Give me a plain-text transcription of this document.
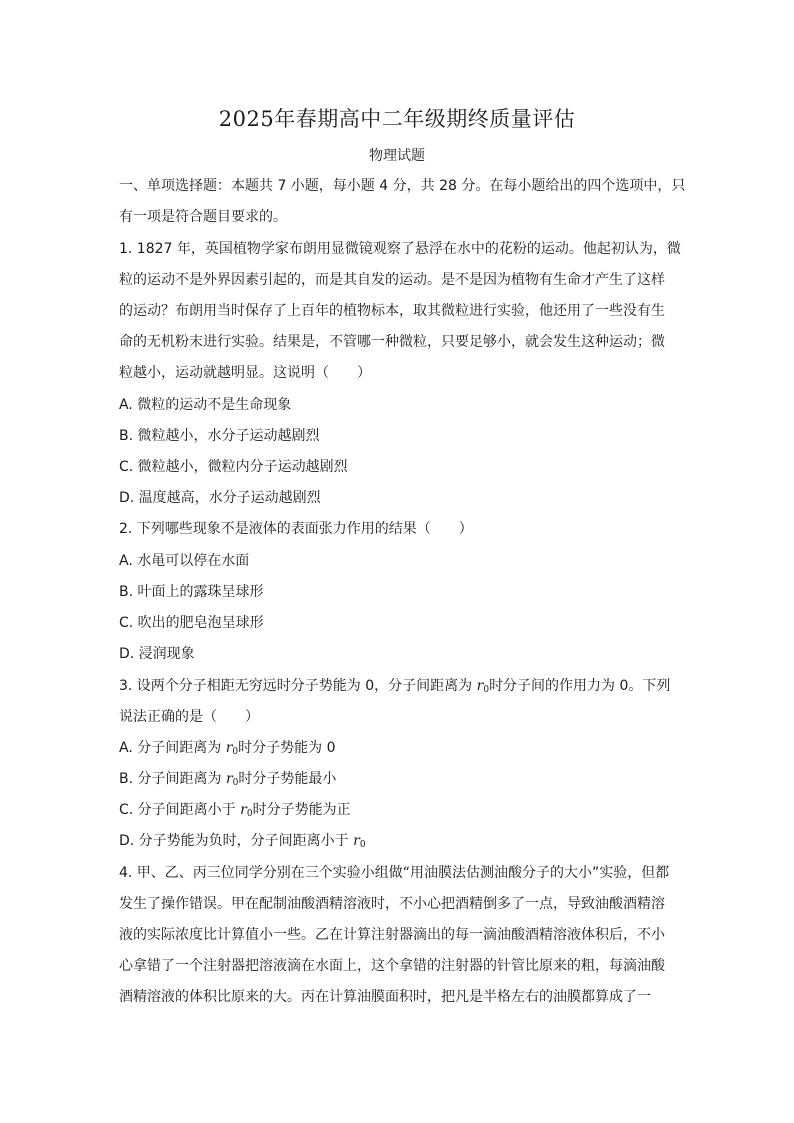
2025年春期高中二年级期终质量评估
物理试题
一、单项选择题：本题共 7 小题，每小题 4 分，共 28 分。在每小题给出的四个选项中，只
有一项是符合题目要求的。
1. 1827 年，英国植物学家布朗用显微镜观察了悬浮在水中的花粉的运动。他起初认为，微
粒的运动不是外界因素引起的，而是其自发的运动。是不是因为植物有生命才产生了这样
的运动？布朗用当时保存了上百年的植物标本，取其微粒进行实验，他还用了一些没有生
命的无机粉末进行实验。结果是，不管哪一种微粒，只要足够小，就会发生这种运动；微
粒越小，运动就越明显。这说明（　　）
A. 微粒的运动不是生命现象
B. 微粒越小，水分子运动越剧烈
C. 微粒越小，微粒内分子运动越剧烈
D. 温度越高，水分子运动越剧烈
2. 下列哪些现象不是液体的表面张力作用的结果（　　）
A. 水黾可以停在水面
B. 叶面上的露珠呈球形
C. 吹出的肥皂泡呈球形
D. 浸润现象
3. 设两个分子相距无穷远时分子势能为 0，分子间距离为 $r_0$时分子间的作用力为 0。下列
说法正确的是（　　）
A. 分子间距离为 $r_0$时分子势能为 0
B. 分子间距离为 $r_0$时分子势能最小
C. 分子间距离小于 $r_0$时分子势能为正
D. 分子势能为负时，分子间距离小于 $r_0$
4. 甲、乙、丙三位同学分别在三个实验小组做“用油膜法估测油酸分子的大小”实验，但都
发生了操作错误。甲在配制油酸酒精溶液时，不小心把酒精倒多了一点，导致油酸酒精溶
液的实际浓度比计算值小一些。乙在计算注射器滴出的每一滴油酸酒精溶液体积后，不小
心拿错了一个注射器把溶液滴在水面上，这个拿错的注射器的针管比原来的粗，每滴油酸
酒精溶液的体积比原来的大。丙在计算油膜面积时，把凡是半格左右的油膜都算成了一
